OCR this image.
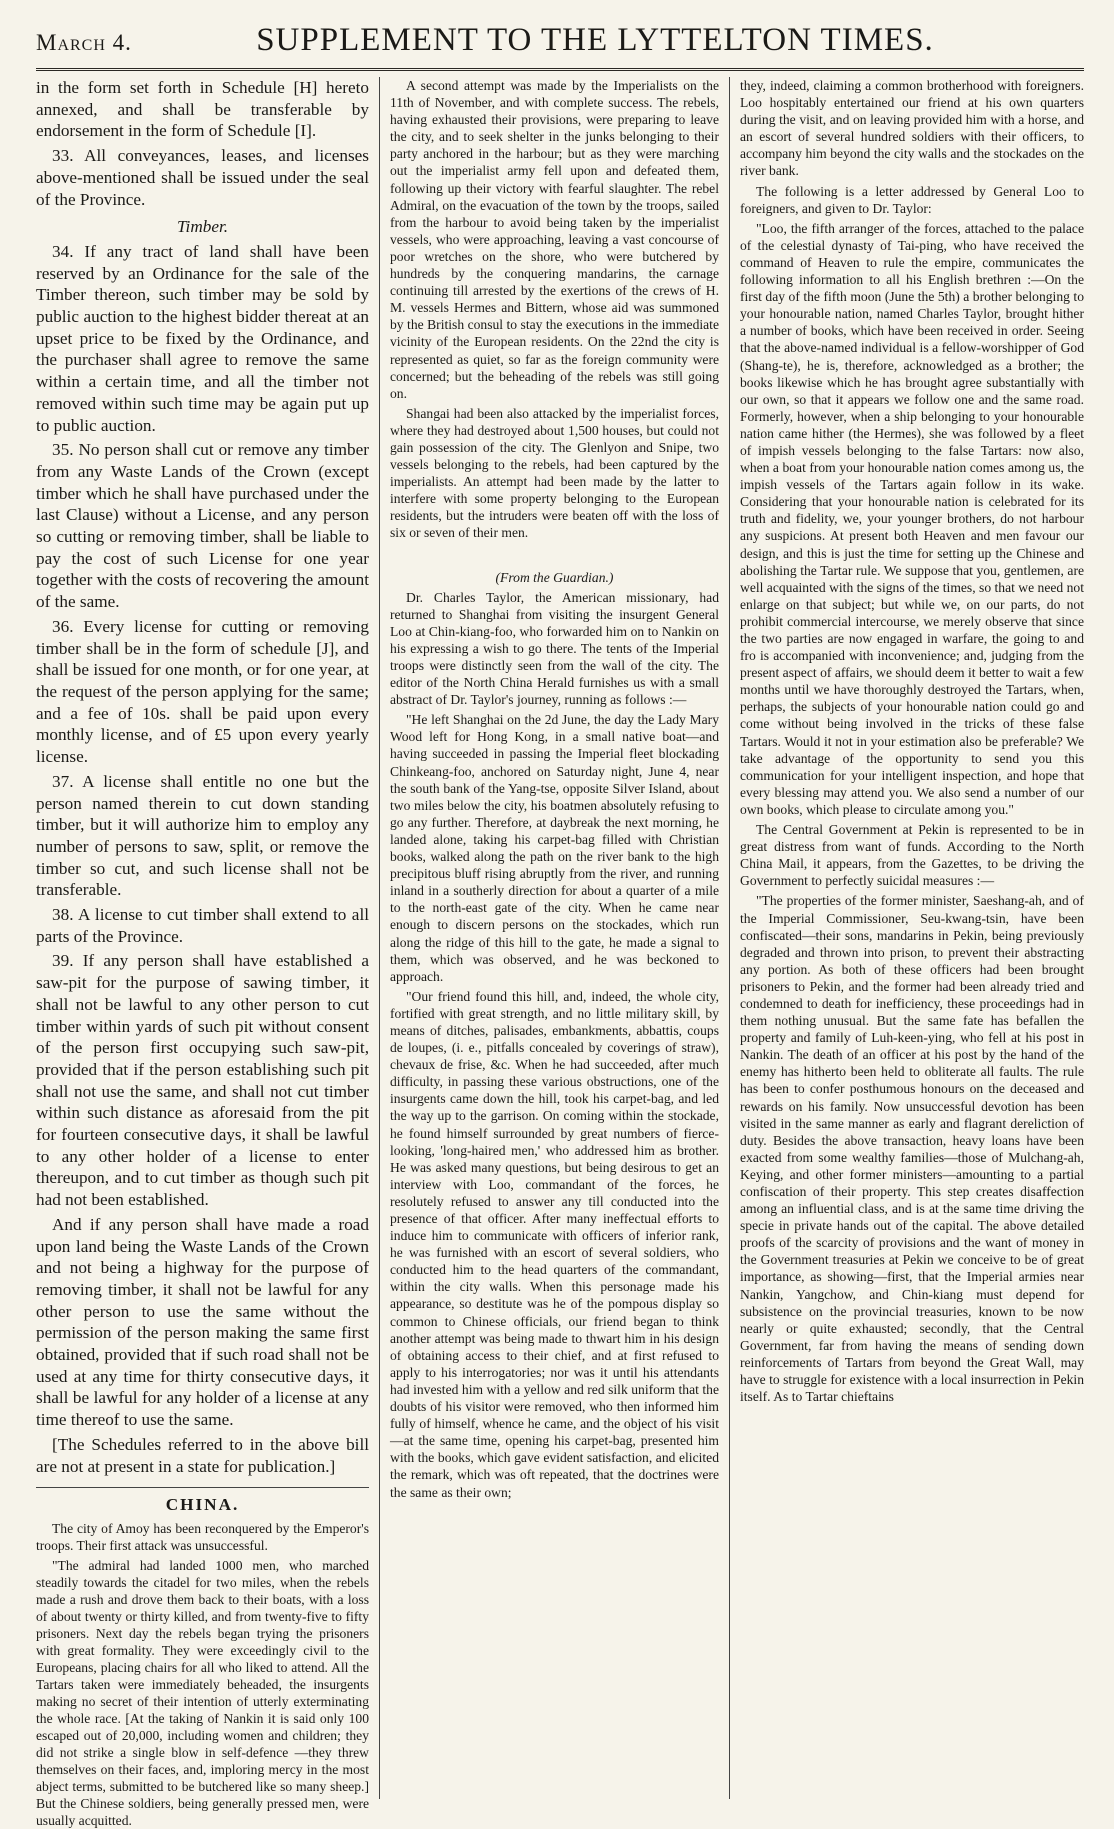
March 4.	SUPPLEMENT TO THE LYTTELTON TIMES.

in the form set forth in Schedule [H] hereto annexed, and shall be transferable by endorsement in the form of Schedule [I].

33. All conveyances, leases, and licenses above-mentioned shall be issued under the seal of the Province.

Timber.

34. If any tract of land shall have been reserved by an Ordinance for the sale of the Timber thereon, such timber may be sold by public auction to the highest bidder thereat at an upset price to be fixed by the Ordinance, and the purchaser shall agree to remove the same within a certain time, and all the timber not removed within such time may be again put up to public auction.

35. No person shall cut or remove any timber from any Waste Lands of the Crown (except timber which he shall have purchased under the last Clause) without a License, and any person so cutting or removing timber, shall be liable to pay the cost of such License for one year together with the costs of recovering the amount of the same.

36. Every license for cutting or removing timber shall be in the form of schedule [J], and shall be issued for one month, or for one year, at the request of the person applying for the same; and a fee of 10s. shall be paid upon every monthly license, and of £5 upon every yearly license.

37. A license shall entitle no one but the person named therein to cut down standing timber, but it will authorize him to employ any number of persons to saw, split, or remove the timber so cut, and such license shall not be transferable.

38. A license to cut timber shall extend to all parts of the Province.

39. If any person shall have established a saw-pit for the purpose of sawing timber, it shall not be lawful to any other person to cut timber within yards of such pit without consent of the person first occupying such saw-pit, provided that if the person establishing such pit shall not use the same, and shall not cut timber within such distance as aforesaid from the pit for fourteen consecutive days, it shall be lawful to any other holder of a license to enter thereupon, and to cut timber as though such pit had not been established.

And if any person shall have made a road upon land being the Waste Lands of the Crown and not being a highway for the purpose of removing timber, it shall not be lawful for any other person to use the same without the permission of the person making the same first obtained, provided that if such road shall not be used at any time for thirty consecutive days, it shall be lawful for any holder of a license at any time thereof to use the same.

[The Schedules referred to in the above bill are not at present in a state for publication.]

CHINA.

The city of Amoy has been reconquered by the Emperor's troops. Their first attack was unsuccessful.

"The admiral had landed 1000 men, who marched steadily towards the citadel for two miles, when the rebels made a rush and drove them back to their boats, with a loss of about twenty or thirty killed, and from twenty-five to fifty prisoners. Next day the rebels began trying the prisoners with great formality. They were exceedingly civil to the Europeans, placing chairs for all who liked to attend. All the Tartars taken were immediately beheaded, the insurgents making no secret of their intention of utterly exterminating the whole race. [At the taking of Nankin it is said only 100 escaped out of 20,000, including women and children; they did not strike a single blow in self-defence —they threw themselves on their faces, and, imploring mercy in the most abject terms, submitted to be butchered like so many sheep.] But the Chinese soldiers, being generally pressed men, were usually acquitted.

A second attempt was made by the Imperialists on the 11th of November, and with complete success. The rebels, having exhausted their provisions, were preparing to leave the city, and to seek shelter in the junks belonging to their party anchored in the harbour; but as they were marching out the imperialist army fell upon and defeated them, following up their victory with fearful slaughter. The rebel Admiral, on the evacuation of the town by the troops, sailed from the harbour to avoid being taken by the imperialist vessels, who were approaching, leaving a vast concourse of poor wretches on the shore, who were butchered by hundreds by the conquering mandarins, the carnage continuing till arrested by the exertions of the crews of H. M. vessels Hermes and Bittern, whose aid was summoned by the British consul to stay the executions in the immediate vicinity of the European residents. On the 22nd the city is represented as quiet, so far as the foreign community were concerned; but the beheading of the rebels was still going on.

Shangai had been also attacked by the imperialist forces, where they had destroyed about 1,500 houses, but could not gain possession of the city. The Glenlyon and Snipe, two vessels belonging to the rebels, had been captured by the imperialists. An attempt had been made by the latter to interfere with some property belonging to the European residents, but the intruders were beaten off with the loss of six or seven of their men.

(From the Guardian.)

Dr. Charles Taylor, the American missionary, had returned to Shanghai from visiting the insurgent General Loo at Chin-kiang-foo, who forwarded him on to Nankin on his expressing a wish to go there. The tents of the Imperial troops were distinctly seen from the wall of the city. The editor of the North China Herald furnishes us with a small abstract of Dr. Taylor's journey, running as follows :—

"He left Shanghai on the 2d June, the day the Lady Mary Wood left for Hong Kong, in a small native boat—and having succeeded in passing the Imperial fleet blockading Chinkeang-foo, anchored on Saturday night, June 4, near the south bank of the Yang-tse, opposite Silver Island, about two miles below the city, his boatmen absolutely refusing to go any further. Therefore, at daybreak the next morning, he landed alone, taking his carpet-bag filled with Christian books, walked along the path on the river bank to the high precipitous bluff rising abruptly from the river, and running inland in a southerly direction for about a quarter of a mile to the north-east gate of the city. When he came near enough to discern persons on the stockades, which run along the ridge of this hill to the gate, he made a signal to them, which was observed, and he was beckoned to approach.

"Our friend found this hill, and, indeed, the whole city, fortified with great strength, and no little military skill, by means of ditches, palisades, embankments, abbattis, coups de loupes, (i. e., pitfalls concealed by coverings of straw), chevaux de frise, &c. When he had succeeded, after much difficulty, in passing these various obstructions, one of the insurgents came down the hill, took his carpet-bag, and led the way up to the garrison. On coming within the stockade, he found himself surrounded by great numbers of fierce-looking, 'long-haired men,' who addressed him as brother. He was asked many questions, but being desirous to get an interview with Loo, commandant of the forces, he resolutely refused to answer any till conducted into the presence of that officer. After many ineffectual efforts to induce him to communicate with officers of inferior rank, he was furnished with an escort of several soldiers, who conducted him to the head quarters of the commandant, within the city walls. When this personage made his appearance, so destitute was he of the pompous display so common to Chinese officials, our friend began to think another attempt was being made to thwart him in his design of obtaining access to their chief, and at first refused to apply to his interrogatories; nor was it until his attendants had invested him with a yellow and red silk uniform that the doubts of his visitor were removed, who then informed him fully of himself, whence he came, and the object of his visit—at the same time, opening his carpet-bag, presented him with the books, which gave evident satisfaction, and elicited the remark, which was oft repeated, that the doctrines were the same as their own;

they, indeed, claiming a common brotherhood with foreigners. Loo hospitably entertained our friend at his own quarters during the visit, and on leaving provided him with a horse, and an escort of several hundred soldiers with their officers, to accompany him beyond the city walls and the stockades on the river bank.

The following is a letter addressed by General Loo to foreigners, and given to Dr. Taylor:

"Loo, the fifth arranger of the forces, attached to the palace of the celestial dynasty of Tai-ping, who have received the command of Heaven to rule the empire, communicates the following information to all his English brethren :—On the first day of the fifth moon (June the 5th) a brother belonging to your honourable nation, named Charles Taylor, brought hither a number of books, which have been received in order. Seeing that the above-named individual is a fellow-worshipper of God (Shang-te), he is, therefore, acknowledged as a brother; the books likewise which he has brought agree substantially with our own, so that it appears we follow one and the same road. Formerly, however, when a ship belonging to your honourable nation came hither (the Hermes), she was followed by a fleet of impish vessels belonging to the false Tartars: now also, when a boat from your honourable nation comes among us, the impish vessels of the Tartars again follow in its wake. Considering that your honourable nation is celebrated for its truth and fidelity, we, your younger brothers, do not harbour any suspicions. At present both Heaven and men favour our design, and this is just the time for setting up the Chinese and abolishing the Tartar rule. We suppose that you, gentlemen, are well acquainted with the signs of the times, so that we need not enlarge on that subject; but while we, on our parts, do not prohibit commercial intercourse, we merely observe that since the two parties are now engaged in warfare, the going to and fro is accompanied with inconvenience; and, judging from the present aspect of affairs, we should deem it better to wait a few months until we have thoroughly destroyed the Tartars, when, perhaps, the subjects of your honourable nation could go and come without being involved in the tricks of these false Tartars. Would it not in your estimation also be preferable? We take advantage of the opportunity to send you this communication for your intelligent inspection, and hope that every blessing may attend you. We also send a number of our own books, which please to circulate among you."

The Central Government at Pekin is represented to be in great distress from want of funds. According to the North China Mail, it appears, from the Gazettes, to be driving the Government to perfectly suicidal measures :—

"The properties of the former minister, Saeshang-ah, and of the Imperial Commissioner, Seu-kwang-tsin, have been confiscated—their sons, mandarins in Pekin, being previously degraded and thrown into prison, to prevent their abstracting any portion. As both of these officers had been brought prisoners to Pekin, and the former had been already tried and condemned to death for inefficiency, these proceedings had in them nothing unusual. But the same fate has befallen the property and family of Luh-keen-ying, who fell at his post in Nankin. The death of an officer at his post by the hand of the enemy has hitherto been held to obliterate all faults. The rule has been to confer posthumous honours on the deceased and rewards on his family. Now unsuccessful devotion has been visited in the same manner as early and flagrant dereliction of duty. Besides the above transaction, heavy loans have been exacted from some wealthy families—those of Mulchang-ah, Keying, and other former ministers—amounting to a partial confiscation of their property. This step creates disaffection among an influential class, and is at the same time driving the specie in private hands out of the capital. The above detailed proofs of the scarcity of provisions and the want of money in the Government treasuries at Pekin we conceive to be of great importance, as showing—first, that the Imperial armies near Nankin, Yangchow, and Chin-kiang must depend for subsistence on the provincial treasuries, known to be now nearly or quite exhausted; secondly, that the Central Government, far from having the means of sending down reinforcements of Tartars from beyond the Great Wall, may have to struggle for existence with a local insurrection in Pekin itself. As to Tartar chieftains
